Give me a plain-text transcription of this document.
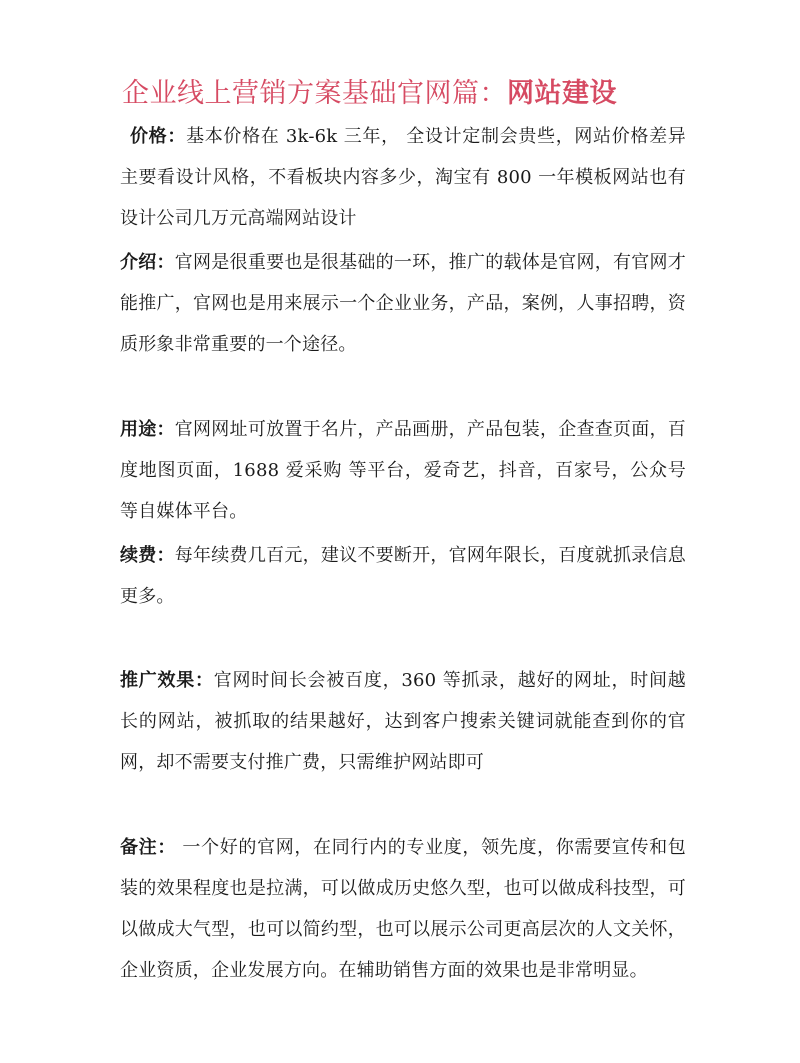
企业线上营销方案基础官网篇：网站建设
价格：基本价格在 3k-6k 三年， 全设计定制会贵些，网站价格差异主要看设计风格，不看板块内容多少，淘宝有 800 一年模板网站也有设计公司几万元高端网站设计
介绍：官网是很重要也是很基础的一环，推广的载体是官网，有官网才能推广，官网也是用来展示一个企业业务，产品，案例，人事招聘，资质形象非常重要的一个途径。
用途：官网网址可放置于名片，产品画册，产品包装，企查查页面，百度地图页面，1688 爱采购 等平台，爱奇艺，抖音，百家号，公众号等自媒体平台。
续费：每年续费几百元，建议不要断开，官网年限长，百度就抓录信息更多。
推广效果：官网时间长会被百度，360 等抓录，越好的网址，时间越长的网站，被抓取的结果越好，达到客户搜索关键词就能查到你的官网，却不需要支付推广费，只需维护网站即可
备注： 一个好的官网，在同行内的专业度，领先度，你需要宣传和包装的效果程度也是拉满，可以做成历史悠久型，也可以做成科技型，可以做成大气型，也可以简约型，也可以展示公司更高层次的人文关怀，企业资质，企业发展方向。在辅助销售方面的效果也是非常明显。
